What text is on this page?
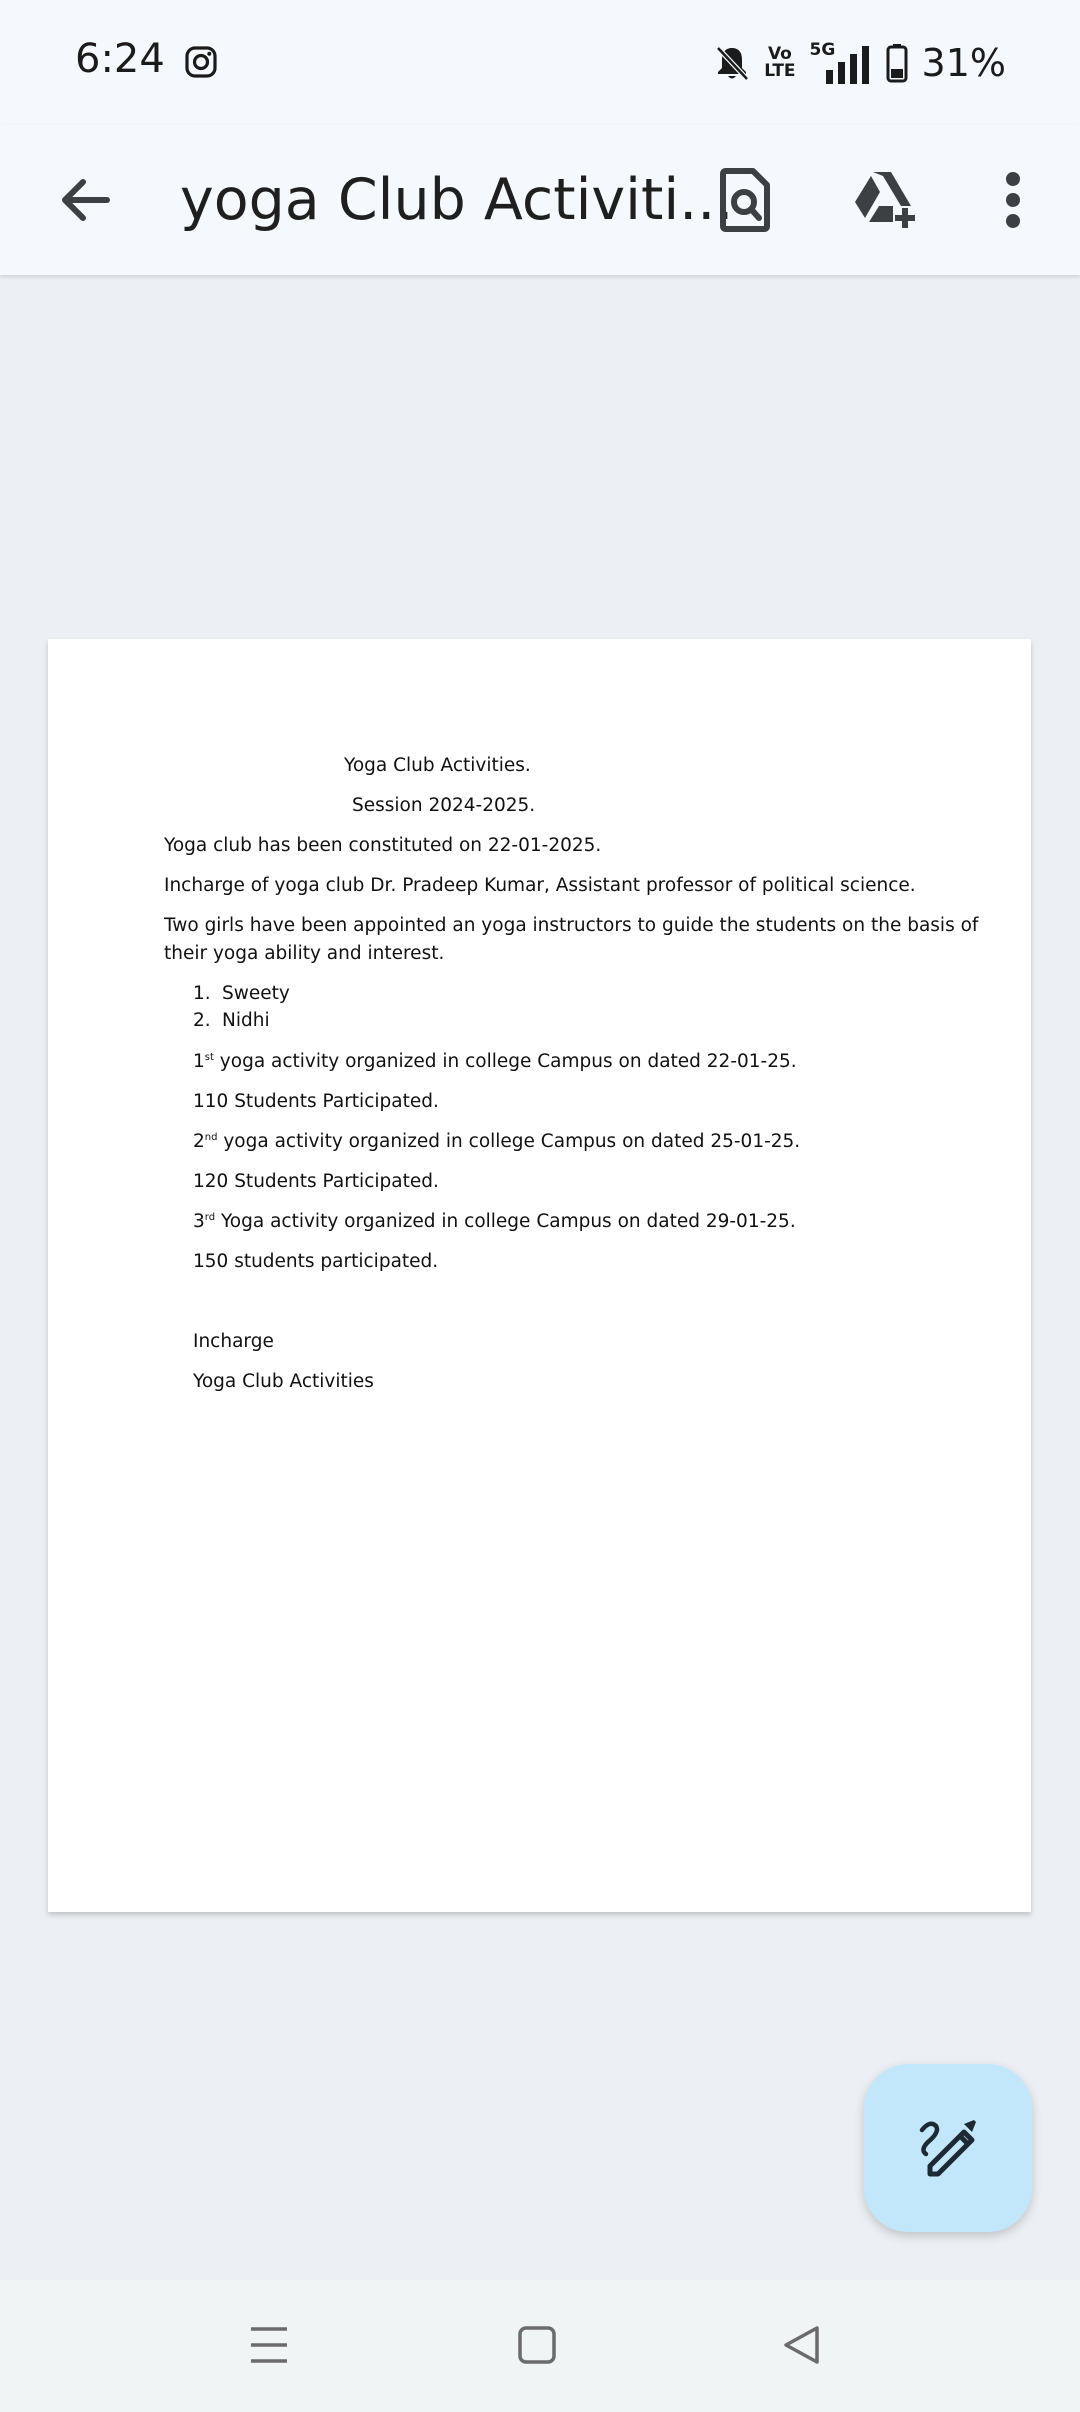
6:24	Vo
LTE
5G 31%
yoga Club Activiti...
Yoga Club Activities.
Session 2024-2025.
Yoga club has been constituted on 22-01-2025.
Incharge of yoga club Dr. Pradeep Kumar, Assistant professor of political science.
Two girls have been appointed an yoga instructors to guide the students on the basis of
their yoga ability and interest.
1. Sweety
2. Nidhi
1st yoga activity organized in college Campus on dated 22-01-25.
110 Students Participated.
2nd yoga activity organized in college Campus on dated 25-01-25.
120 Students Participated.
3rd Yoga activity organized in college Campus on dated 29-01-25.
150 students participated.
Incharge
Yoga Club Activities
